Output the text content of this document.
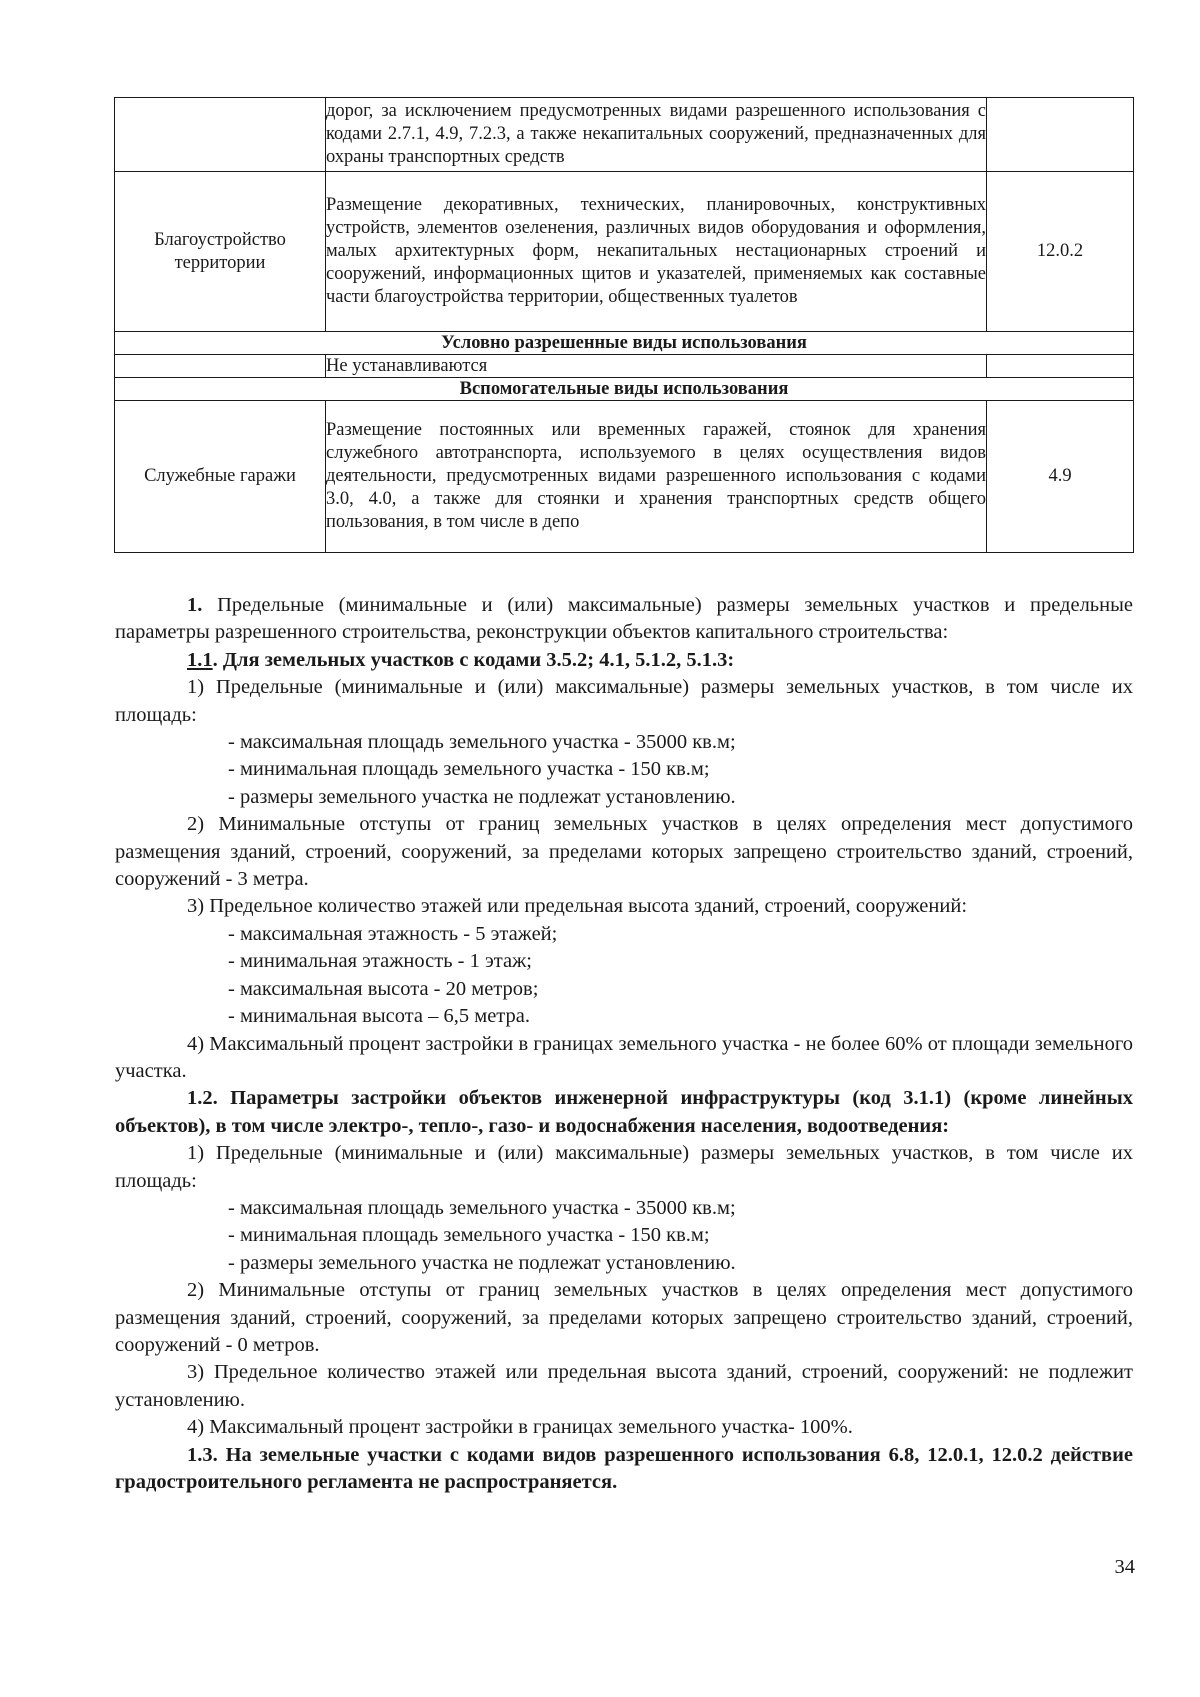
	дорог, за исключением предусмотренных видами разрешенного использования с кодами 2.7.1, 4.9, 7.2.3, а также некапитальных сооружений, предназначенных для охраны транспортных средств	
Благоустройство территории	Размещение декоративных, технических, планировочных, конструктивных устройств, элементов озеленения, различных видов оборудования и оформления, малых архитектурных форм, некапитальных нестационарных строений и сооружений, информационных щитов и указателей, применяемых как составные части благоустройства территории, общественных туалетов	12.0.2
Условно разрешенные виды использования		
	Не устанавливаются	
Вспомогательные виды использования		
Служебные гаражи	Размещение постоянных или временных гаражей, стоянок для хранения служебного автотранспорта, используемого в целях осуществления видов деятельности, предусмотренных видами разрешенного использования с кодами 3.0, 4.0, а также для стоянки и хранения транспортных средств общего пользования, в том числе в депо	4.9

1. Предельные (минимальные и (или) максимальные) размеры земельных участков и предельные параметры разрешенного строительства, реконструкции объектов капитального строительства:

1.1. Для земельных участков с кодами 3.5.2; 4.1, 5.1.2, 5.1.3:

1) Предельные (минимальные и (или) максимальные) размеры земельных участков, в том числе их площадь:

- максимальная площадь земельного участка - 35000 кв.м;

- минимальная площадь земельного участка - 150 кв.м;

- размеры земельного участка не подлежат установлению.

2) Минимальные отступы от границ земельных участков в целях определения мест допустимого размещения зданий, строений, сооружений, за пределами которых запрещено строительство зданий, строений, сооружений - 3 метра.

3) Предельное количество этажей или предельная высота зданий, строений, сооружений:

- максимальная этажность - 5 этажей;

- минимальная этажность - 1 этаж;

- максимальная высота - 20 метров;

- минимальная высота – 6,5 метра.

4) Максимальный процент застройки в границах земельного участка - не более 60% от площади земельного участка.

1.2. Параметры застройки объектов инженерной инфраструктуры (код 3.1.1) (кроме линейных объектов), в том числе электро-, тепло-, газо- и водоснабжения населения, водоотведения:

1) Предельные (минимальные и (или) максимальные) размеры земельных участков, в том числе их площадь:

- максимальная площадь земельного участка - 35000 кв.м;

- минимальная площадь земельного участка - 150 кв.м;

- размеры земельного участка не подлежат установлению.

2) Минимальные отступы от границ земельных участков в целях определения мест допустимого размещения зданий, строений, сооружений, за пределами которых запрещено строительство зданий, строений, сооружений - 0 метров.

3) Предельное количество этажей или предельная высота зданий, строений, сооружений: не подлежит установлению.

4) Максимальный процент застройки в границах земельного участка- 100%.

1.3. На земельные участки с кодами видов разрешенного использования 6.8, 12.0.1, 12.0.2 действие градостроительного регламента не распространяется.

34
